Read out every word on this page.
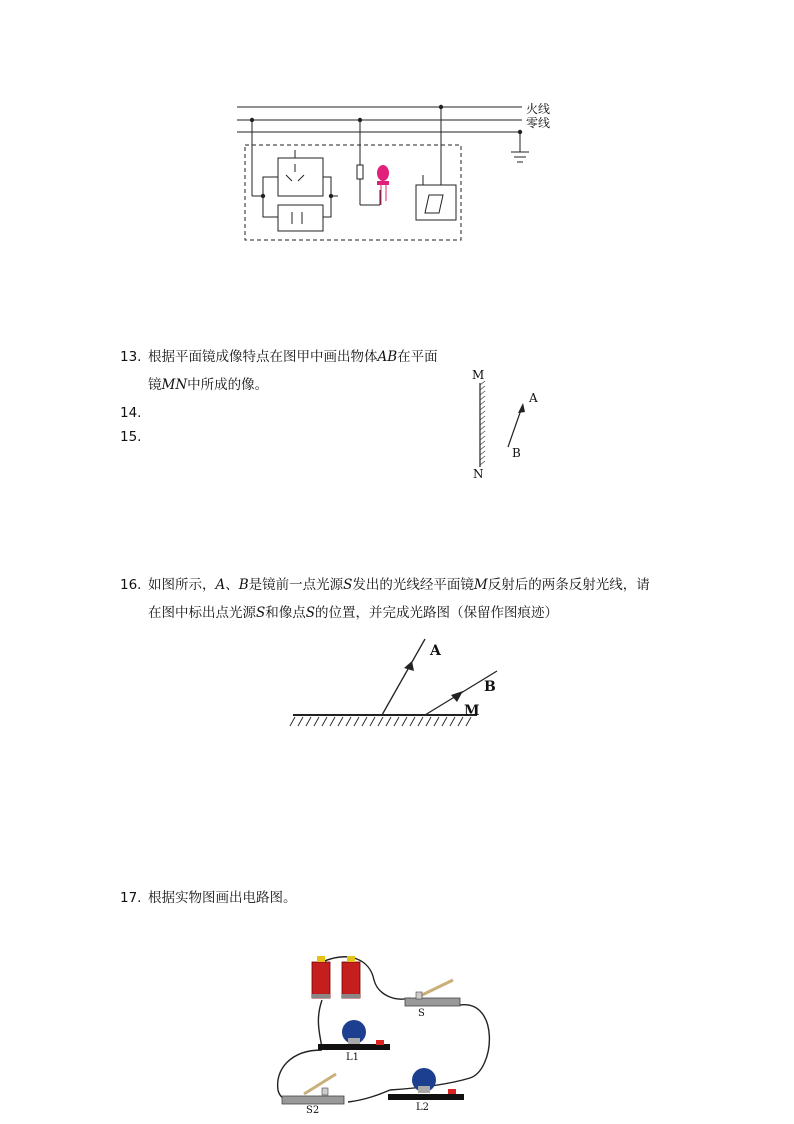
火线
零线
13. 根据平面镜成像特点在图甲中画出物体AB在平面
镜MN中所成的像。
14.
15.
M
N
A
B
16. 如图所示，A、B是镜前一点光源S发出的光线经平面镜M反射后的两条反射光线，请
在图中标出点光源S和像点S的位置，并完成光路图（保留作图痕迹）
A
B
M
17. 根据实物图画出电路图。
S
L1
S2	L2
